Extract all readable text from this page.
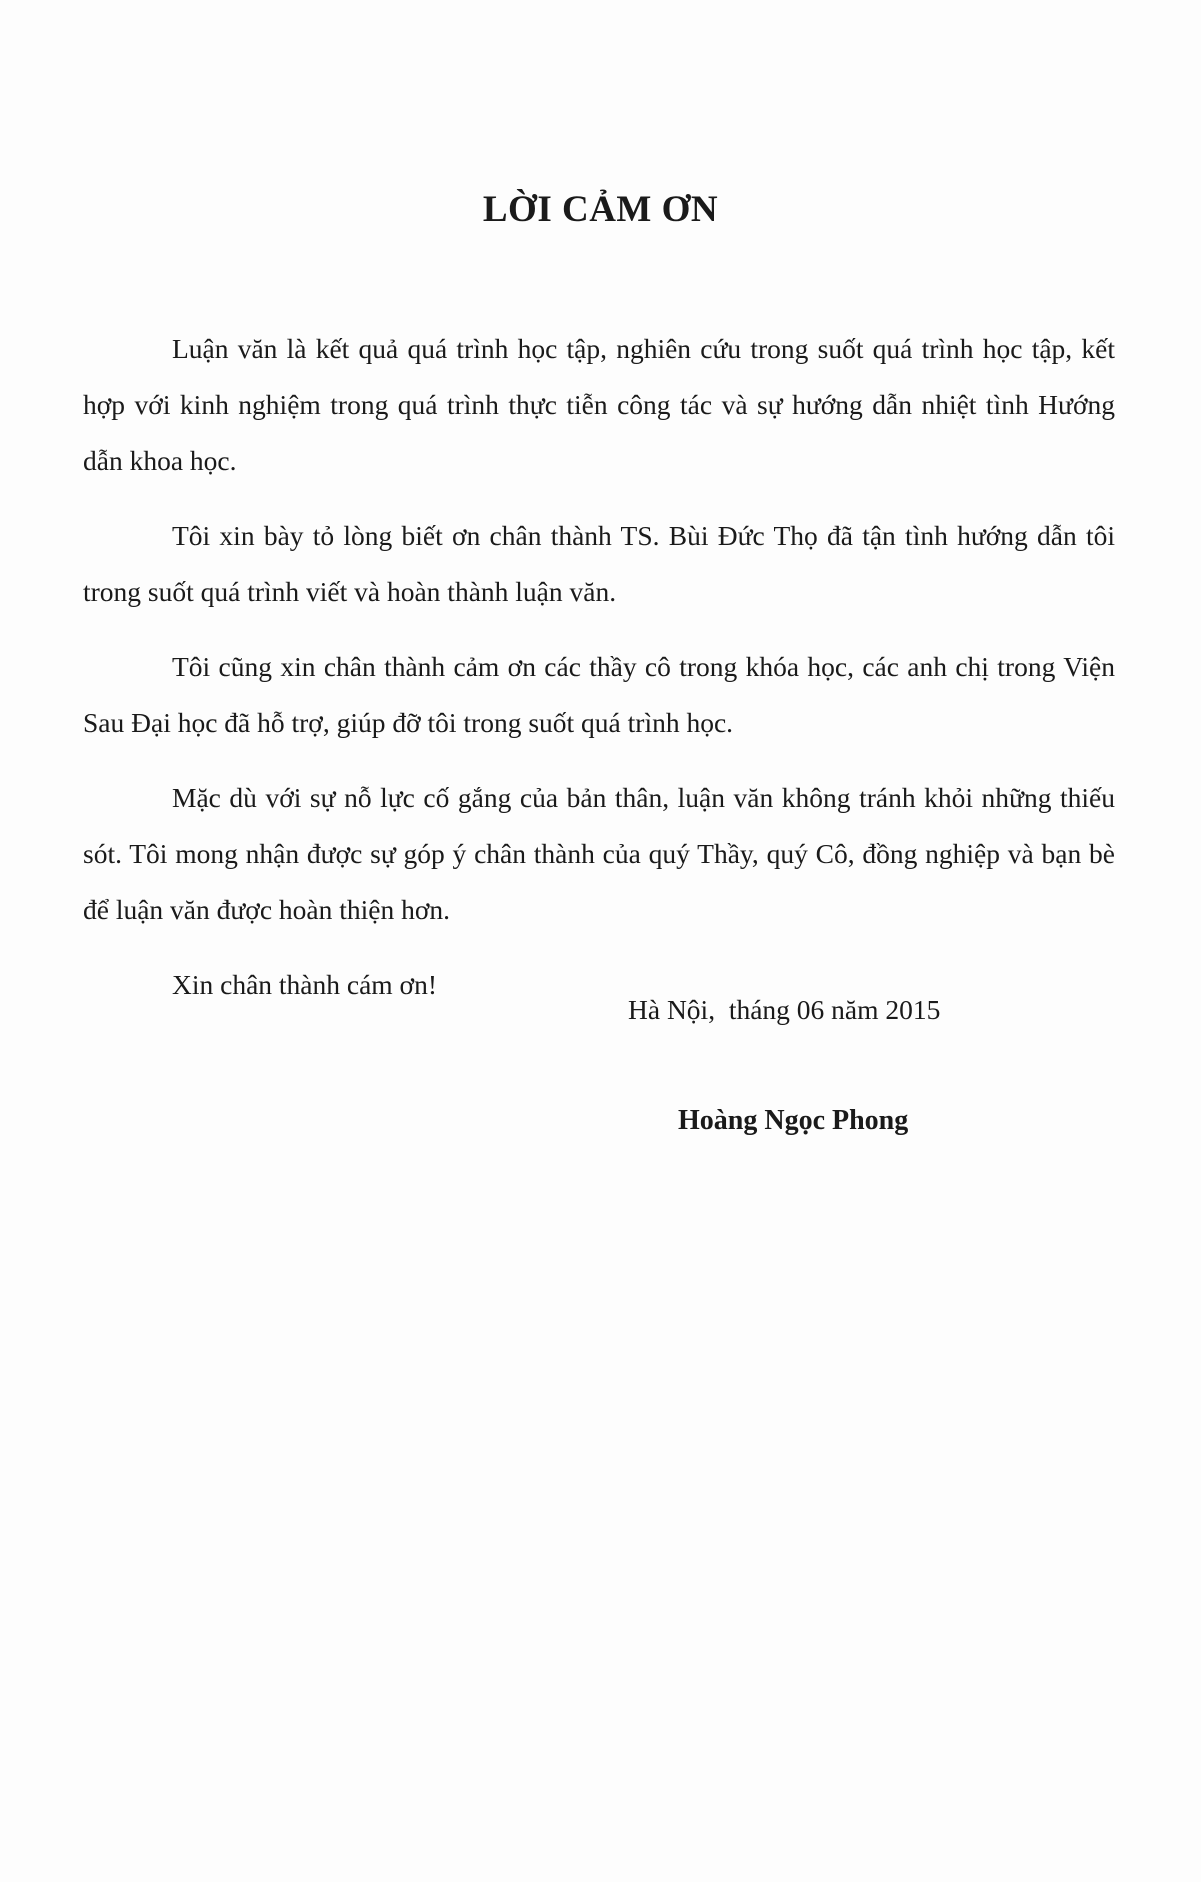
LỜI CẢM ƠN

Luận văn là kết quả quá trình học tập, nghiên cứu trong suốt quá trình học tập, kết hợp với kinh nghiệm trong quá trình thực tiễn công tác và sự hướng dẫn nhiệt tình Hướng dẫn khoa học.

Tôi xin bày tỏ lòng biết ơn chân thành TS. Bùi Đức Thọ đã tận tình hướng dẫn tôi trong suốt quá trình viết và hoàn thành luận văn.

Tôi cũng xin chân thành cảm ơn các thầy cô trong khóa học, các anh chị trong Viện Sau Đại học đã hỗ trợ, giúp đỡ tôi trong suốt quá trình học.

Mặc dù với sự nỗ lực cố gắng của bản thân, luận văn không tránh khỏi những thiếu sót. Tôi mong nhận được sự góp ý chân thành của quý Thầy, quý Cô, đồng nghiệp và bạn bè để luận văn được hoàn thiện hơn.

Xin chân thành cám ơn!

Hà Nội,  tháng 06 năm 2015

Hoàng Ngọc Phong
